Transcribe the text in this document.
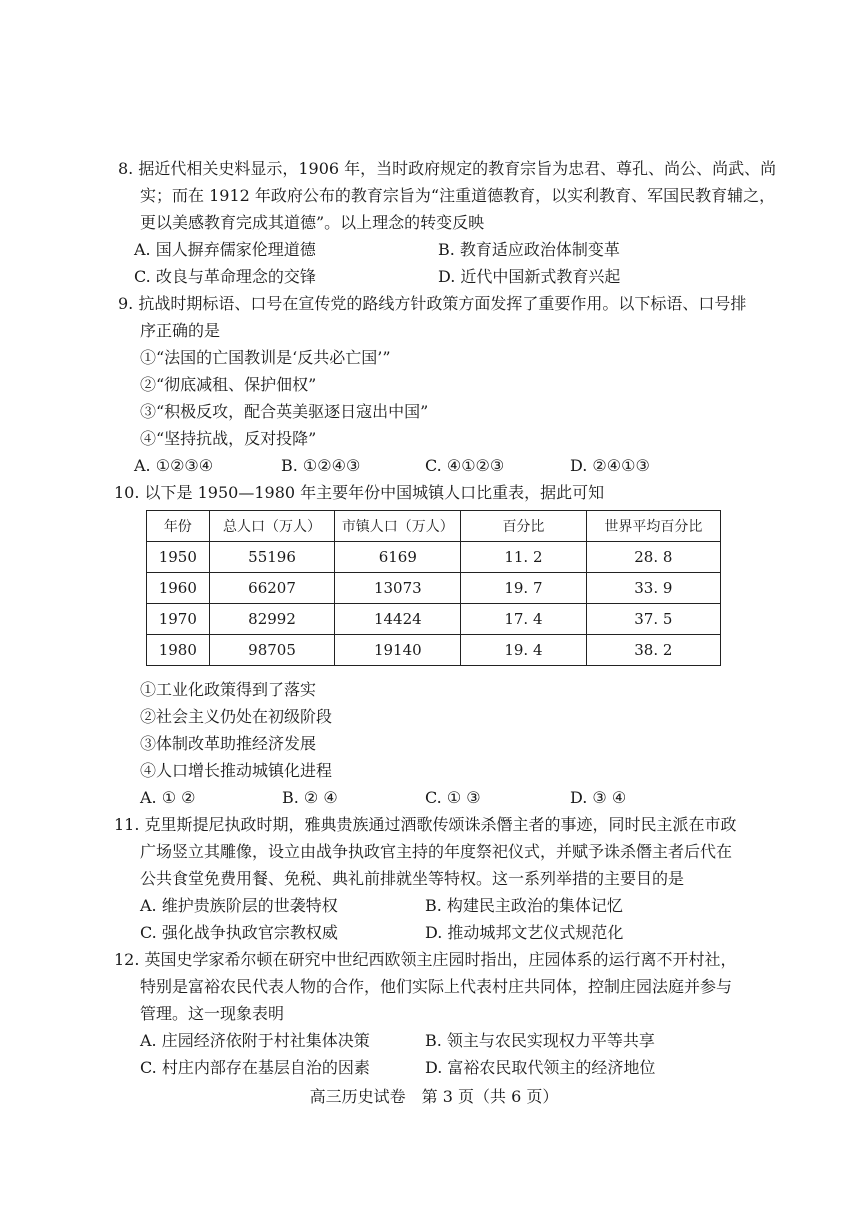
8. 据近代相关史料显示，1906 年，当时政府规定的教育宗旨为忠君、尊孔、尚公、尚武、尚
实；而在 1912 年政府公布的教育宗旨为“注重道德教育，以实利教育、军国民教育辅之，
更以美感教育完成其道德”。以上理念的转变反映
A. 国人摒弃儒家伦理道德	B. 教育适应政治体制变革
C. 改良与革命理念的交锋	D. 近代中国新式教育兴起
9. 抗战时期标语、口号在宣传党的路线方针政策方面发挥了重要作用。以下标语、口号排
序正确的是
①“法国的亡国教训是‘反共必亡国’”
②“彻底减租、保护佃权”
③“积极反攻，配合英美驱逐日寇出中国”
④“坚持抗战，反对投降”
A. ①②③④	B. ①②④③	C. ④①②③	D. ②④①③
10. 以下是 1950—1980 年主要年份中国城镇人口比重表，据此可知
年份	总人口（万人）	市镇人口（万人）	百分比	世界平均百分比
1950	55196	6169	11. 2	28. 8
1960	66207	13073	19. 7	33. 9
1970	82992	14424	17. 4	37. 5
1980	98705	19140	19. 4	38. 2
①工业化政策得到了落实
②社会主义仍处在初级阶段
③体制改革助推经济发展
④人口增长推动城镇化进程
A. ① ②	B. ② ④	C. ① ③	D. ③ ④
11. 克里斯提尼执政时期，雅典贵族通过酒歌传颂诛杀僭主者的事迹，同时民主派在市政
广场竖立其雕像，设立由战争执政官主持的年度祭祀仪式，并赋予诛杀僭主者后代在
公共食堂免费用餐、免税、典礼前排就坐等特权。这一系列举措的主要目的是
A. 维护贵族阶层的世袭特权	B. 构建民主政治的集体记忆
C. 强化战争执政官宗教权威	D. 推动城邦文艺仪式规范化
12. 英国史学家希尔顿在研究中世纪西欧领主庄园时指出，庄园体系的运行离不开村社，
特别是富裕农民代表人物的合作，他们实际上代表村庄共同体，控制庄园法庭并参与
管理。这一现象表明
A. 庄园经济依附于村社集体决策	B. 领主与农民实现权力平等共享
C. 村庄内部存在基层自治的因素	D. 富裕农民取代领主的经济地位
高三历史试卷　第 3 页（共 6 页）
